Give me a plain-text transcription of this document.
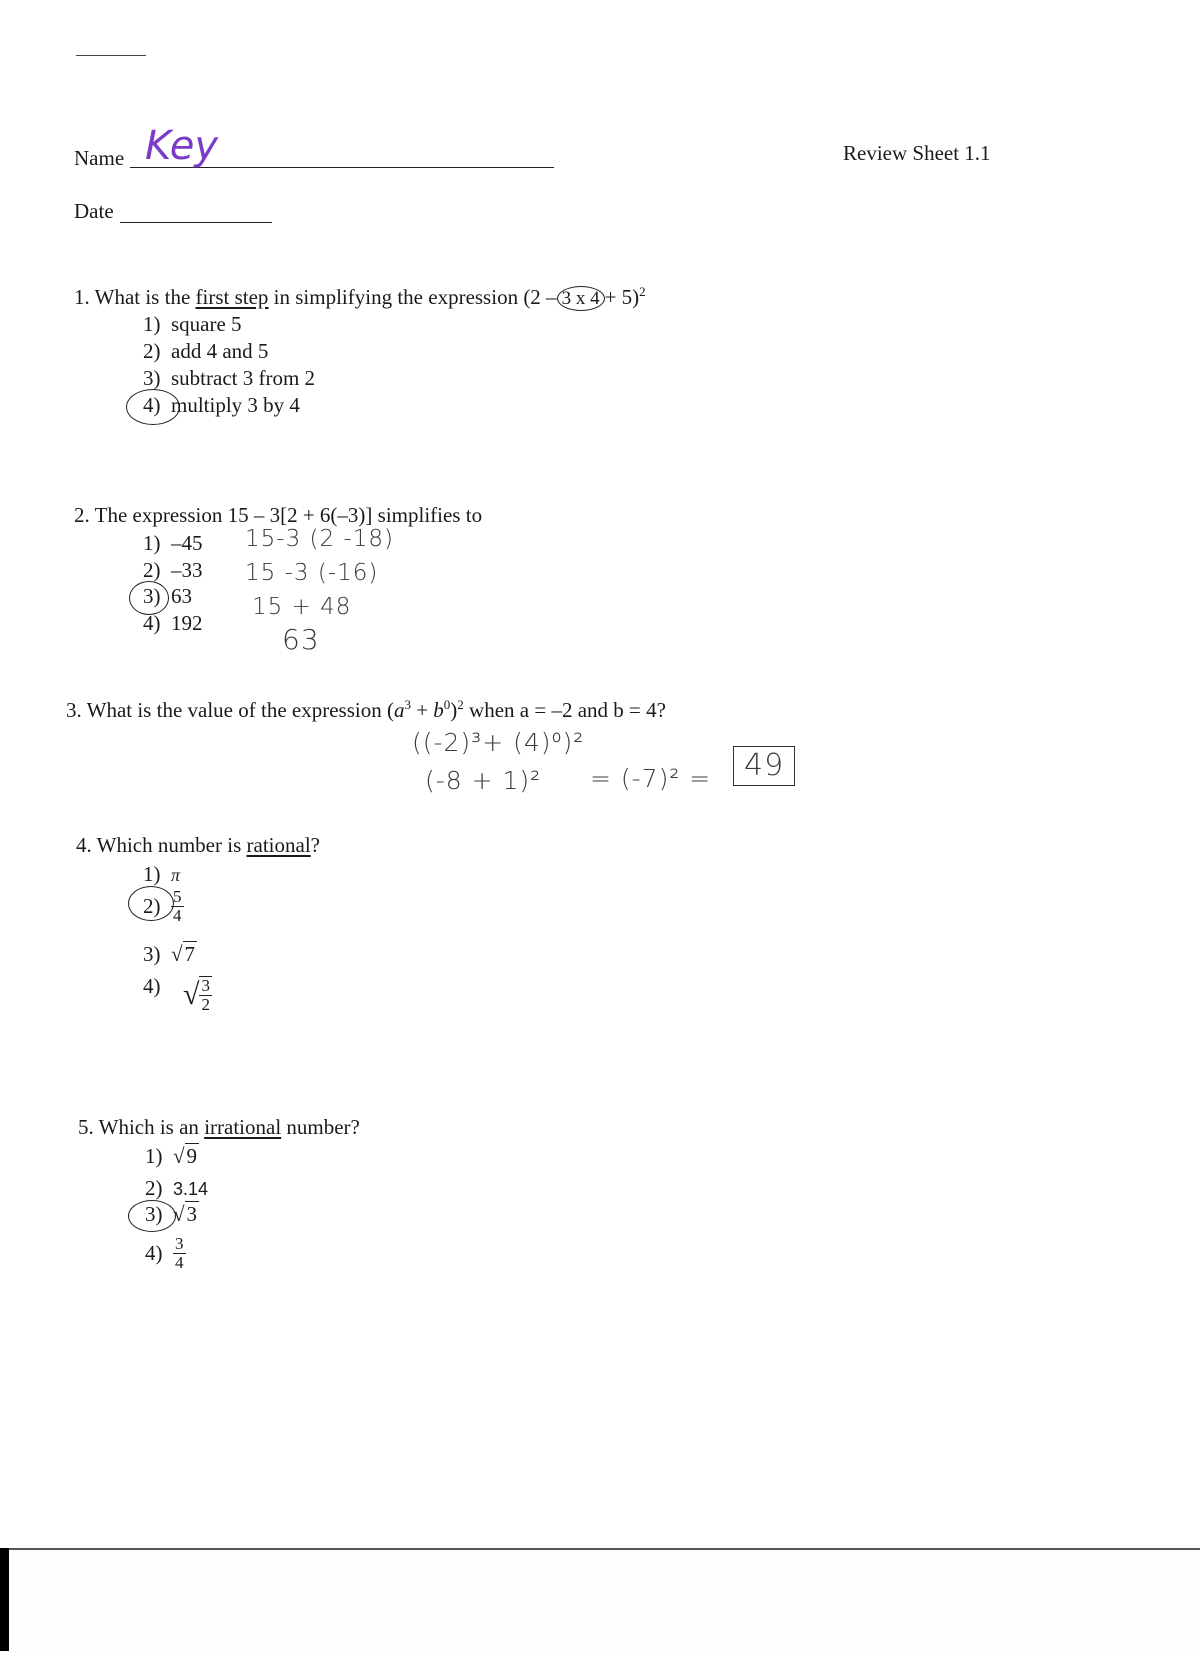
Name Key
Date
Review Sheet 1.1
1. What is the first step in simplifying the expression (2 – 3 x 4 + 5)$^2$
1) square 5
2) add 4 and 5
3) subtract 3 from 2
4) multiply 3 by 4
2. The expression 15 – 3[2 + 6(–3)] simplifies to
1) –45
2) –33
3) 63
4) 192
15-3 (2 -18)
15 -3 (-16)
15 + 48
63
3. What is the value of the expression $(a^3 + b^0)^2$ when a = –2 and b = 4?
((-2)³+ (4)⁰)²
(-8 + 1)² = (-7)² =	49
4. Which number is rational?
1) π
$2) \frac{5}{4}$
3) √7
4) √ $\frac{3}{2}$
5. Which is an irrational number?
1) √9
2) 3.14
3) √3
$4) \frac{3}{4}$
